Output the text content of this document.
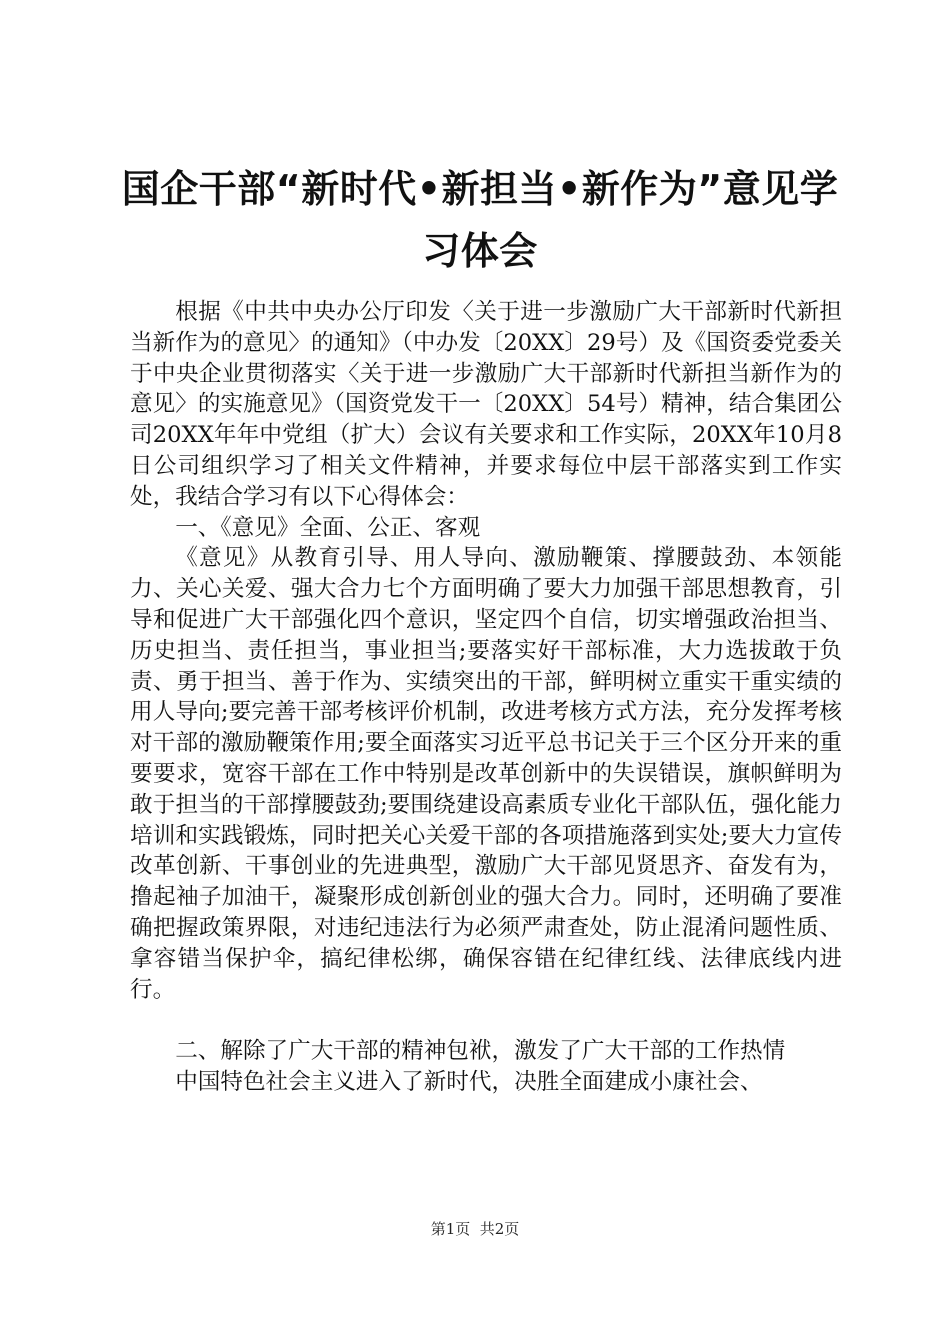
国企干部“新时代•新担当•新作为”意见学习体会

根据《中共中央办公厅印发〈关于进一步激励广大干部新时代新担当新作为的意见〉的通知》（中办发〔20XX〕29号）及《国资委党委关于中央企业贯彻落实〈关于进一步激励广大干部新时代新担当新作为的意见〉的实施意见》（国资党发干一〔20XX〕54号）精神，结合集团公司20XX年年中党组（扩大）会议有关要求和工作实际，20XX年10月8日公司组织学习了相关文件精神，并要求每位中层干部落实到工作实处，我结合学习有以下心得体会：

一、《意见》全面、公正、客观

《意见》从教育引导、用人导向、激励鞭策、撑腰鼓劲、本领能力、关心关爱、强大合力七个方面明确了要大力加强干部思想教育，引导和促进广大干部强化四个意识，坚定四个自信，切实增强政治担当、历史担当、责任担当，事业担当;要落实好干部标准，大力选拔敢于负责、勇于担当、善于作为、实绩突出的干部，鲜明树立重实干重实绩的用人导向;要完善干部考核评价机制，改进考核方式方法，充分发挥考核对干部的激励鞭策作用;要全面落实习近平总书记关于三个区分开来的重要要求，宽容干部在工作中特别是改革创新中的失误错误，旗帜鲜明为敢于担当的干部撑腰鼓劲;要围绕建设高素质专业化干部队伍，强化能力培训和实践锻炼，同时把关心关爱干部的各项措施落到实处;要大力宣传改革创新、干事创业的先进典型，激励广大干部见贤思齐、奋发有为，撸起袖子加油干，凝聚形成创新创业的强大合力。同时，还明确了要准确把握政策界限，对违纪违法行为必须严肃查处，防止混淆问题性质、拿容错当保护伞，搞纪律松绑，确保容错在纪律红线、法律底线内进行。

二、解除了广大干部的精神包袱，激发了广大干部的工作热情

中国特色社会主义进入了新时代，决胜全面建成小康社会、

第1页  共2页
